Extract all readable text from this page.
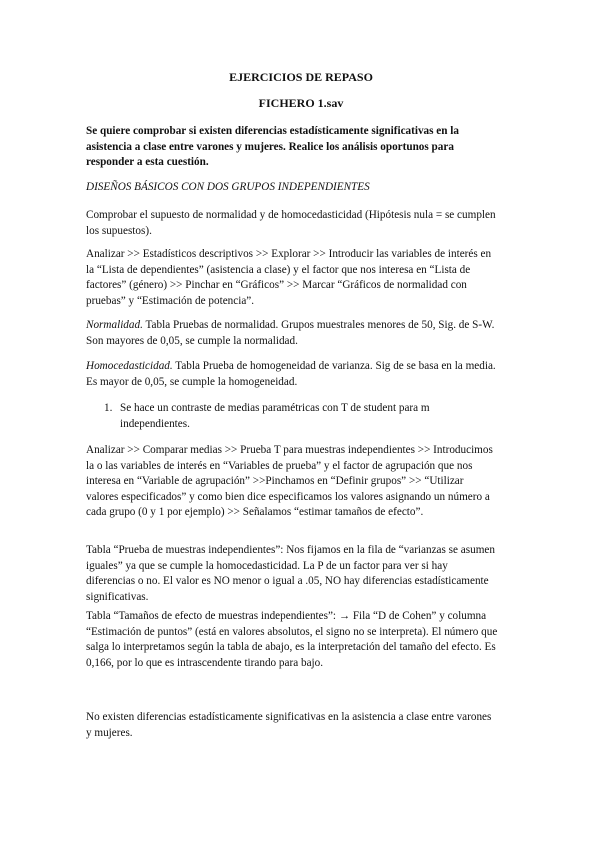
EJERCICIOS DE REPASO
FICHERO 1.sav
Se quiere comprobar si existen diferencias estadísticamente significativas en la asistencia a clase entre varones y mujeres. Realice los análisis oportunos para responder a esta cuestión.
DISEÑOS BÁSICOS CON DOS GRUPOS INDEPENDIENTES
Comprobar el supuesto de normalidad y de homocedasticidad (Hipótesis nula = se cumplen los supuestos).
Analizar >> Estadísticos descriptivos >> Explorar >> Introducir las variables de interés en la “Lista de dependientes” (asistencia a clase) y el factor que nos interesa en “Lista de factores” (género) >> Pinchar en “Gráficos” >> Marcar “Gráficos de normalidad con pruebas” y “Estimación de potencia”.
Normalidad. Tabla Pruebas de normalidad. Grupos muestrales menores de 50, Sig. de S-W. Son mayores de 0,05, se cumple la normalidad.
Homocedasticidad. Tabla Prueba de homogeneidad de varianza. Sig de se basa en la media. Es mayor de 0,05, se cumple la homogeneidad.
1. Se hace un contraste de medias paramétricas con T de student para m independientes.
Analizar >> Comparar medias >> Prueba T para muestras independientes >> Introducimos la o las variables de interés en “Variables de prueba” y el factor de agrupación que nos interesa en “Variable de agrupación” >>Pinchamos en “Definir grupos” >> “Utilizar valores especificados” y como bien dice especificamos los valores asignando un número a cada grupo (0 y 1 por ejemplo) >> Señalamos “estimar tamaños de efecto”.
Tabla “Prueba de muestras independientes”: Nos fijamos en la fila de “varianzas se asumen iguales” ya que se cumple la homocedasticidad. La P de un factor para ver si hay diferencias o no. El valor es NO menor o igual a .05, NO hay diferencias estadísticamente significativas.
Tabla “Tamaños de efecto de muestras independientes”: → Fila “D de Cohen” y columna “Estimación de puntos” (está en valores absolutos, el signo no se interpreta). El número que salga lo interpretamos según la tabla de abajo, es la interpretación del tamaño del efecto. Es 0,166, por lo que es intrascendente tirando para bajo.
No existen diferencias estadísticamente significativas en la asistencia a clase entre varones y mujeres.
